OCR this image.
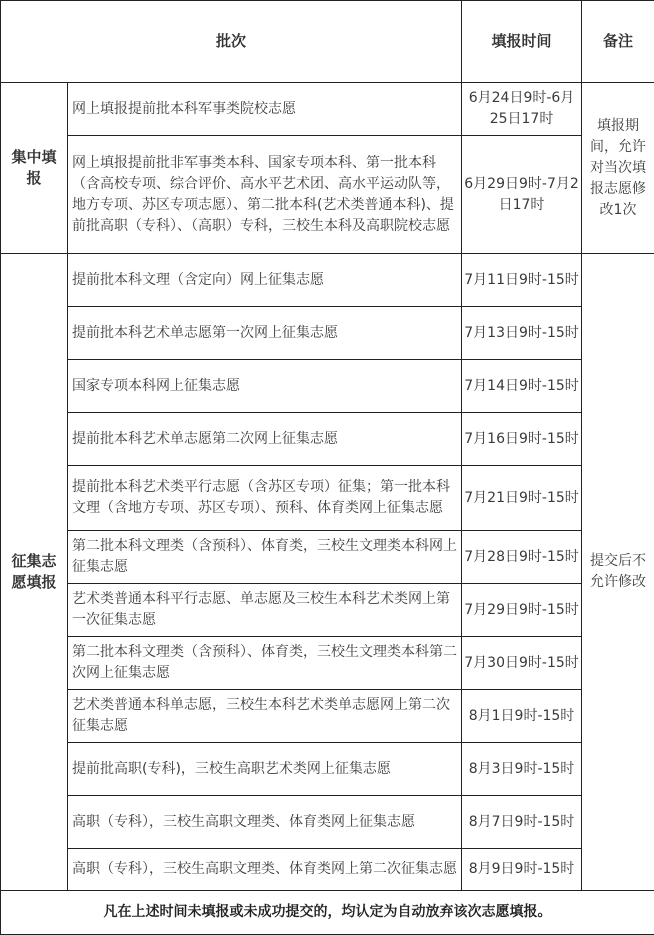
批次		填报时间	备注
集中填报	网上填报提前批本科军事类院校志愿	6月24日9时-6月25日17时	填报期间，允许对当次填报志愿修改1次
	网上填报提前批非军事类本科、国家专项本科、第一批本科（含高校专项、综合评价、高水平艺术团、高水平运动队等，地方专项、苏区专项志愿）、第二批本科(艺术类普通本科)、提前批高职（专科）、（高职）专科，三校生本科及高职院校志愿	6月29日9时-7月2日17时	
征集志愿填报	提前批本科文理（含定向）网上征集志愿	7月11日9时-15时	提交后不允许修改
	提前批本科艺术单志愿第一次网上征集志愿	7月13日9时-15时	
	国家专项本科网上征集志愿	7月14日9时-15时	
	提前批本科艺术单志愿第二次网上征集志愿	7月16日9时-15时	
	提前批本科艺术类平行志愿（含苏区专项）征集；第一批本科文理（含地方专项、苏区专项）、预科、体育类网上征集志愿	7月21日9时-15时	
	第二批本科文理类（含预科）、体育类，三校生文理类本科网上征集志愿	7月28日9时-15时	
	艺术类普通本科平行志愿、单志愿及三校生本科艺术类网上第一次征集志愿	7月29日9时-15时	
	第二批本科文理类（含预科）、体育类，三校生文理类本科第二次网上征集志愿	7月30日9时-15时	
	艺术类普通本科单志愿，三校生本科艺术类单志愿网上第二次征集志愿	8月1日9时-15时	
	提前批高职(专科)，三校生高职艺术类网上征集志愿	8月3日9时-15时	
	高职（专科），三校生高职文理类、体育类网上征集志愿	8月7日9时-15时	
	高职（专科），三校生高职文理类、体育类网上第二次征集志愿	8月9日9时-15时	
凡在上述时间未填报或未成功提交的，均认定为自动放弃该次志愿填报。			
